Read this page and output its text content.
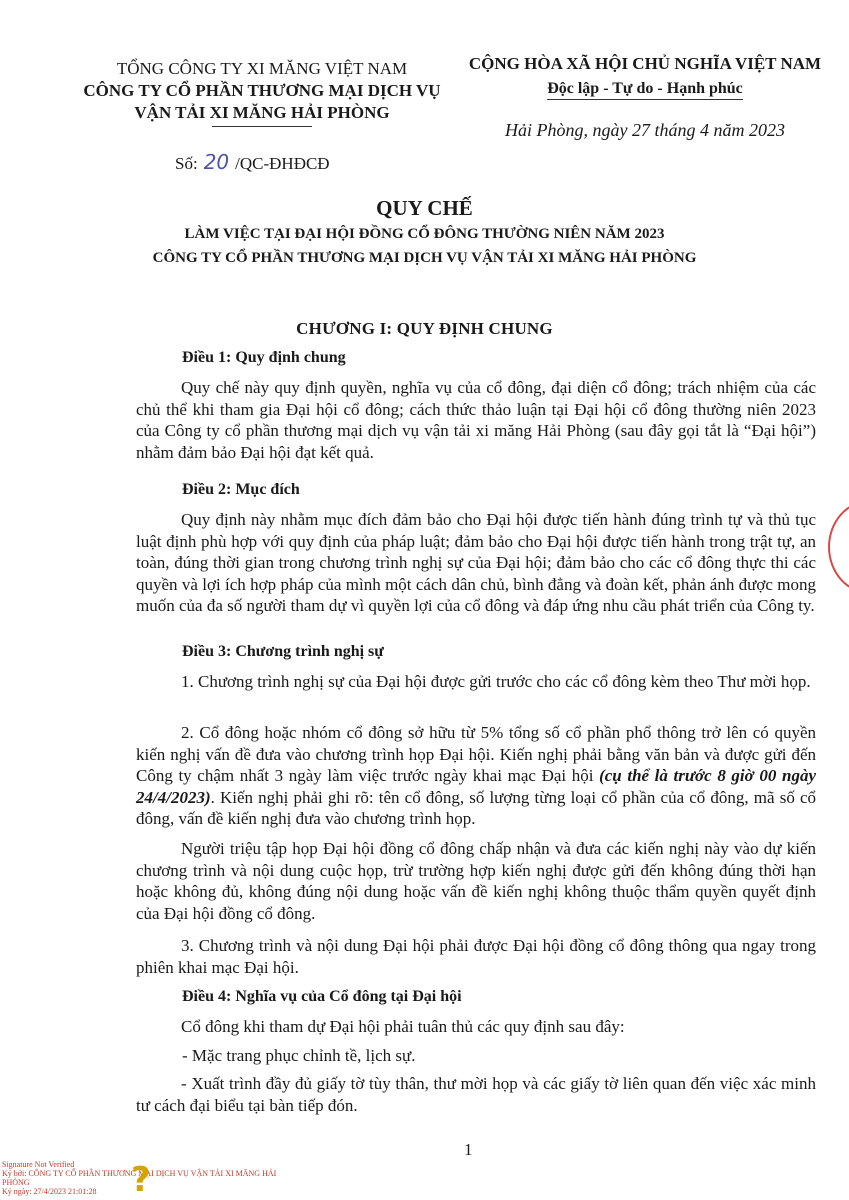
TỔNG CÔNG TY XI MĂNG VIỆT NAM
CÔNG TY CỔ PHẦN THƯƠNG MẠI DỊCH VỤ
VẬN TẢI XI MĂNG HẢI PHÒNG
CỘNG HÒA XÃ HỘI CHỦ NGHĨA VIỆT NAM
Độc lập - Tự do - Hạnh phúc
Hải Phòng, ngày 27 tháng 4 năm 2023
Số: 20 /QC-ĐHĐCĐ
QUY CHẾ
LÀM VIỆC TẠI ĐẠI HỘI ĐỒNG CỔ ĐÔNG THƯỜNG NIÊN NĂM 2023
CÔNG TY CỔ PHẦN THƯƠNG MẠI DỊCH VỤ VẬN TẢI XI MĂNG HẢI PHÒNG
CHƯƠNG I: QUY ĐỊNH CHUNG
Điều 1: Quy định chung
Quy chế này quy định quyền, nghĩa vụ của cổ đông, đại diện cổ đông; trách nhiệm của các chủ thể khi tham gia Đại hội cổ đông; cách thức thảo luận tại Đại hội cổ đông thường niên 2023 của Công ty cổ phần thương mại dịch vụ vận tải xi măng Hải Phòng (sau đây gọi tắt là “Đại hội”) nhằm đảm bảo Đại hội đạt kết quả.
Điều 2: Mục đích
Quy định này nhằm mục đích đảm bảo cho Đại hội được tiến hành đúng trình tự và thủ tục luật định phù hợp với quy định của pháp luật; đảm bảo cho Đại hội được tiến hành trong trật tự, an toàn, đúng thời gian trong chương trình nghị sự của Đại hội; đảm bảo cho các cổ đông thực thi các quyền và lợi ích hợp pháp của mình một cách dân chủ, bình đẳng và đoàn kết, phản ánh được mong muốn của đa số người tham dự vì quyền lợi của cổ đông và đáp ứng nhu cầu phát triển của Công ty.
Điều 3: Chương trình nghị sự
1. Chương trình nghị sự của Đại hội được gửi trước cho các cổ đông kèm theo Thư mời họp.
2. Cổ đông hoặc nhóm cổ đông sở hữu từ 5% tổng số cổ phần phổ thông trở lên có quyền kiến nghị vấn đề đưa vào chương trình họp Đại hội. Kiến nghị phải bằng văn bản và được gửi đến Công ty chậm nhất 3 ngày làm việc trước ngày khai mạc Đại hội (cụ thể là trước 8 giờ 00 ngày 24/4/2023). Kiến nghị phải ghi rõ: tên cổ đông, số lượng từng loại cổ phần của cổ đông, mã số cổ đông, vấn đề kiến nghị đưa vào chương trình họp.
Người triệu tập họp Đại hội đồng cổ đông chấp nhận và đưa các kiến nghị này vào dự kiến chương trình và nội dung cuộc họp, trừ trường hợp kiến nghị được gửi đến không đúng thời hạn hoặc không đủ, không đúng nội dung hoặc vấn đề kiến nghị không thuộc thẩm quyền quyết định của Đại hội đồng cổ đông.
3. Chương trình và nội dung Đại hội phải được Đại hội đồng cổ đông thông qua ngay trong phiên khai mạc Đại hội.
Điều 4: Nghĩa vụ của Cổ đông tại Đại hội
Cổ đông khi tham dự Đại hội phải tuân thủ các quy định sau đây:
- Mặc trang phục chỉnh tề, lịch sự.
- Xuất trình đầy đủ giấy tờ tùy thân, thư mời họp và các giấy tờ liên quan đến việc xác minh tư cách đại biểu tại bàn tiếp đón.
1
Signature Not Verified
Ký bởi: CÔNG TY CỔ PHẦN THƯƠNG MẠI DỊCH VỤ VẬN TẢI XI MĂNG HẢI
PHÒNG
Ký ngày: 27/4/2023 21:01:28	?
